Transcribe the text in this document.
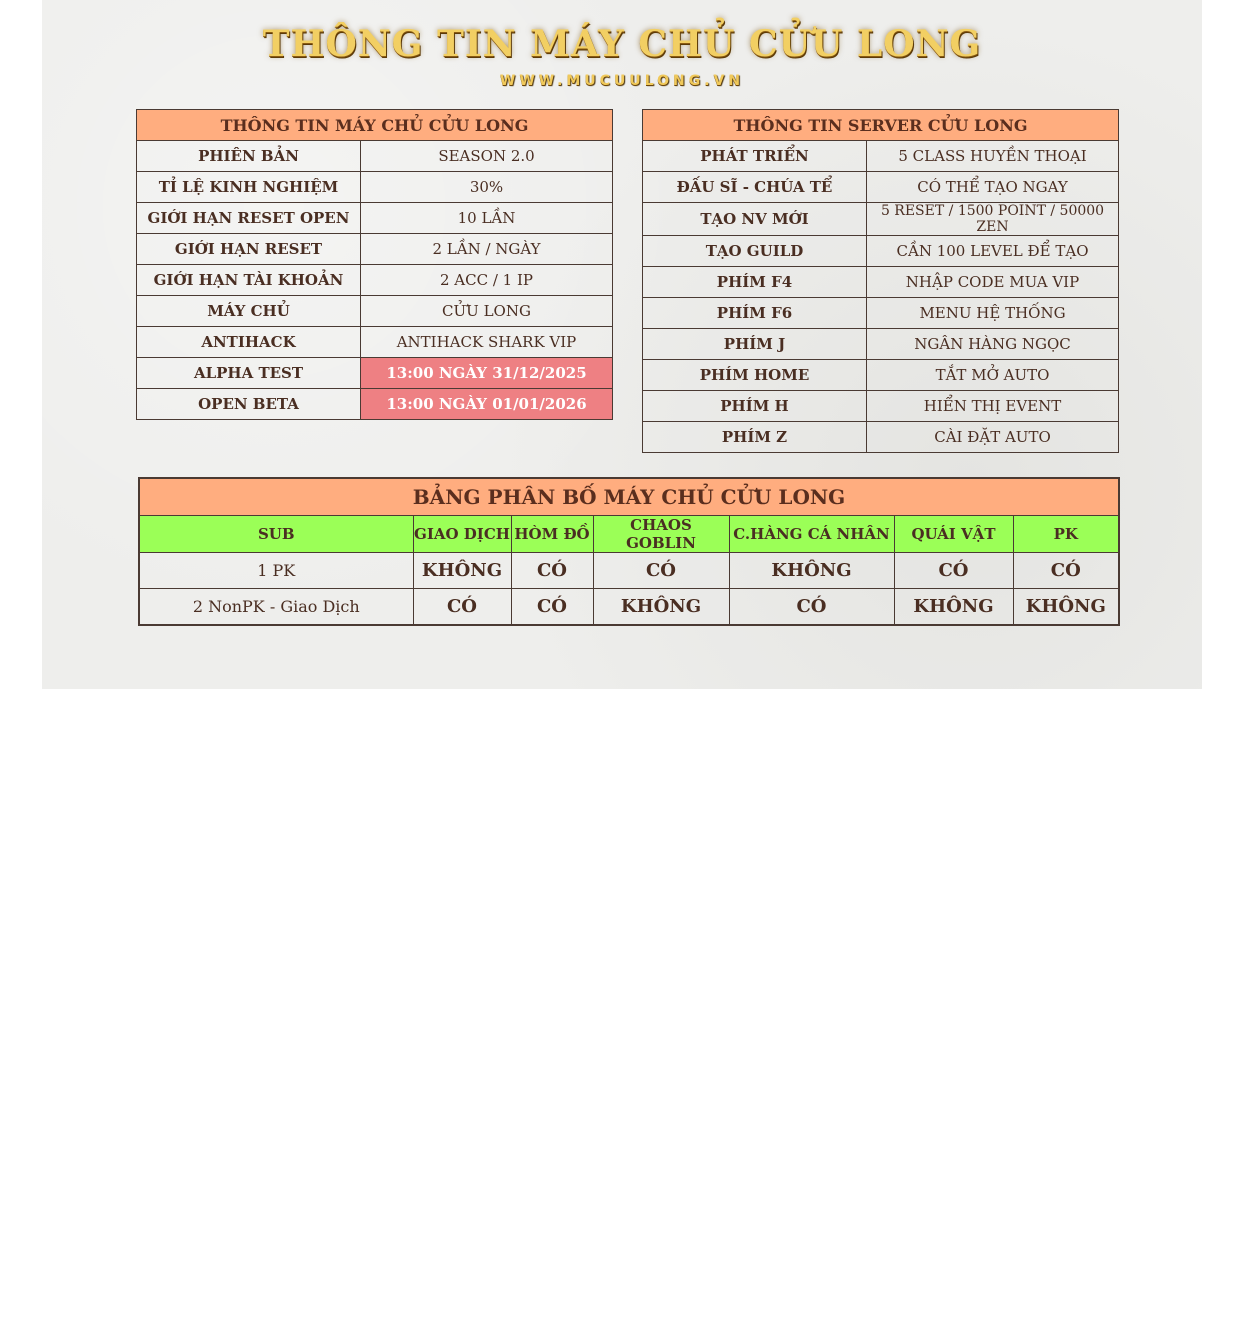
THÔNG TIN MÁY CHỦ CỬU LONG
WWW.MUCUULONG.VN
THÔNG TIN MÁY CHỦ CỬU LONG	
PHIÊN BẢN	SEASON 2.0
TỈ LỆ KINH NGHIỆM	30%
GIỚI HẠN RESET OPEN	10 LẦN
GIỚI HẠN RESET	2 LẦN / NGÀY
GIỚI HẠN TÀI KHOẢN	2 ACC / 1 IP
MÁY CHỦ	CỬU LONG
ANTIHACK	ANTIHACK SHARK VIP
ALPHA TEST	13:00 NGÀY 31/12/2025
OPEN BETA	13:00 NGÀY 01/01/2026
THÔNG TIN SERVER CỬU LONG	
PHÁT TRIỂN	5 CLASS HUYỀN THOẠI
ĐẤU SĨ - CHÚA TỂ	CÓ THỂ TẠO NGAY
TẠO NV MỚI	5 RESET / 1500 POINT / 50000 ZEN
TẠO GUILD	CẦN 100 LEVEL ĐỂ TẠO
PHÍM F4	NHẬP CODE MUA VIP
PHÍM F6	MENU HỆ THỐNG
PHÍM J	NGÂN HÀNG NGỌC
PHÍM HOME	TẮT MỞ AUTO
PHÍM H	HIỂN THỊ EVENT
PHÍM Z	CÀI ĐẶT AUTO
BẢNG PHÂN BỐ MÁY CHỦ CỬU LONG						
SUB	GIAO DỊCH	HÒM ĐỒ	CHAOS GOBLIN	C.HÀNG CÁ NHÂN	QUÁI VẬT	PK
1 PK	KHÔNG	CÓ	CÓ	KHÔNG	CÓ	CÓ
2 NonPK - Giao Dịch	CÓ	CÓ	KHÔNG	CÓ	KHÔNG	KHÔNG
